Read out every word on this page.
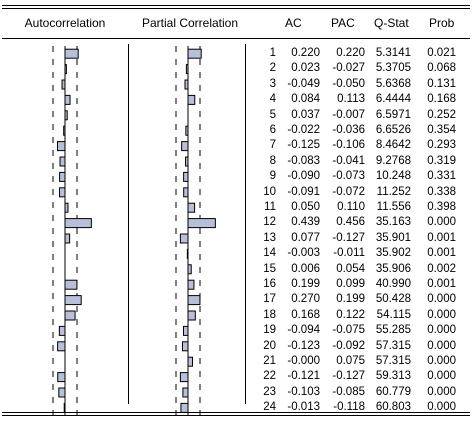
Autocorrelation	Partial Correlation	AC PAC Q-Stat Prob
1 0.220 0.220 5.3141 0.021
2 0.023 -0.027 5.3705 0.068
3 -0.049 -0.050 5.6368 0.131
4 0.084 0.113 6.4444 0.168
5 0.037 -0.007 6.5971 0.252
6 -0.022 -0.036 6.6526 0.354
7 -0.125 -0.106 8.4642 0.293
8 -0.083 -0.041 9.2768 0.319
9 -0.090 -0.073 10.248 0.331
10 -0.091 -0.072 11.252 0.338
11 0.050 0.110 11.556 0.398
12 0.439 0.456 35.163 0.000
13 0.077 -0.127 35.901 0.001
14 -0.003 -0.011 35.902 0.001
15 0.006 0.054 35.906 0.002
16 0.199 0.099 40.990 0.001
17 0.270 0.199 50.428 0.000
18 0.168 0.122 54.115 0.000
19 -0.094 -0.075 55.285 0.000
20 -0.123 -0.092 57.315 0.000
21 -0.000 0.075 57.315 0.000
22 -0.121 -0.127 59.313 0.000
23 -0.103 -0.085 60.779 0.000
24 -0.013 -0.118 60.803 0.000
